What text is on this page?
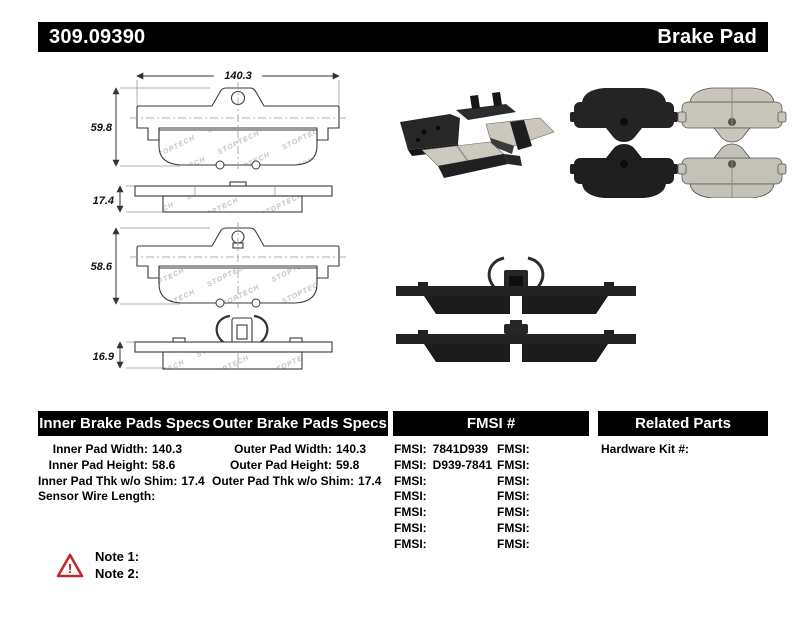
309.09390	Brake Pad
140.3
59.8
17.4
58.6
16.9
Inner Brake Pads Specs Outer Brake Pads Specs	FMSI #	Related Parts
Inner Pad Width: 140.3
Inner Pad Height: 58.6
Inner Pad Thk w/o Shim: 17.4
Sensor Wire Length:
Outer Pad Width: 140.3
Outer Pad Height: 59.8
Outer Pad Thk w/o Shim: 17.4
FMSI: 7841D939
FMSI: D939-7841
FMSI:
FMSI:
FMSI:
FMSI:
FMSI:
FMSI:
FMSI:
FMSI:
FMSI:
FMSI:
FMSI:
FMSI:
Hardware Kit #:
!
Note 1:
Note 2:
